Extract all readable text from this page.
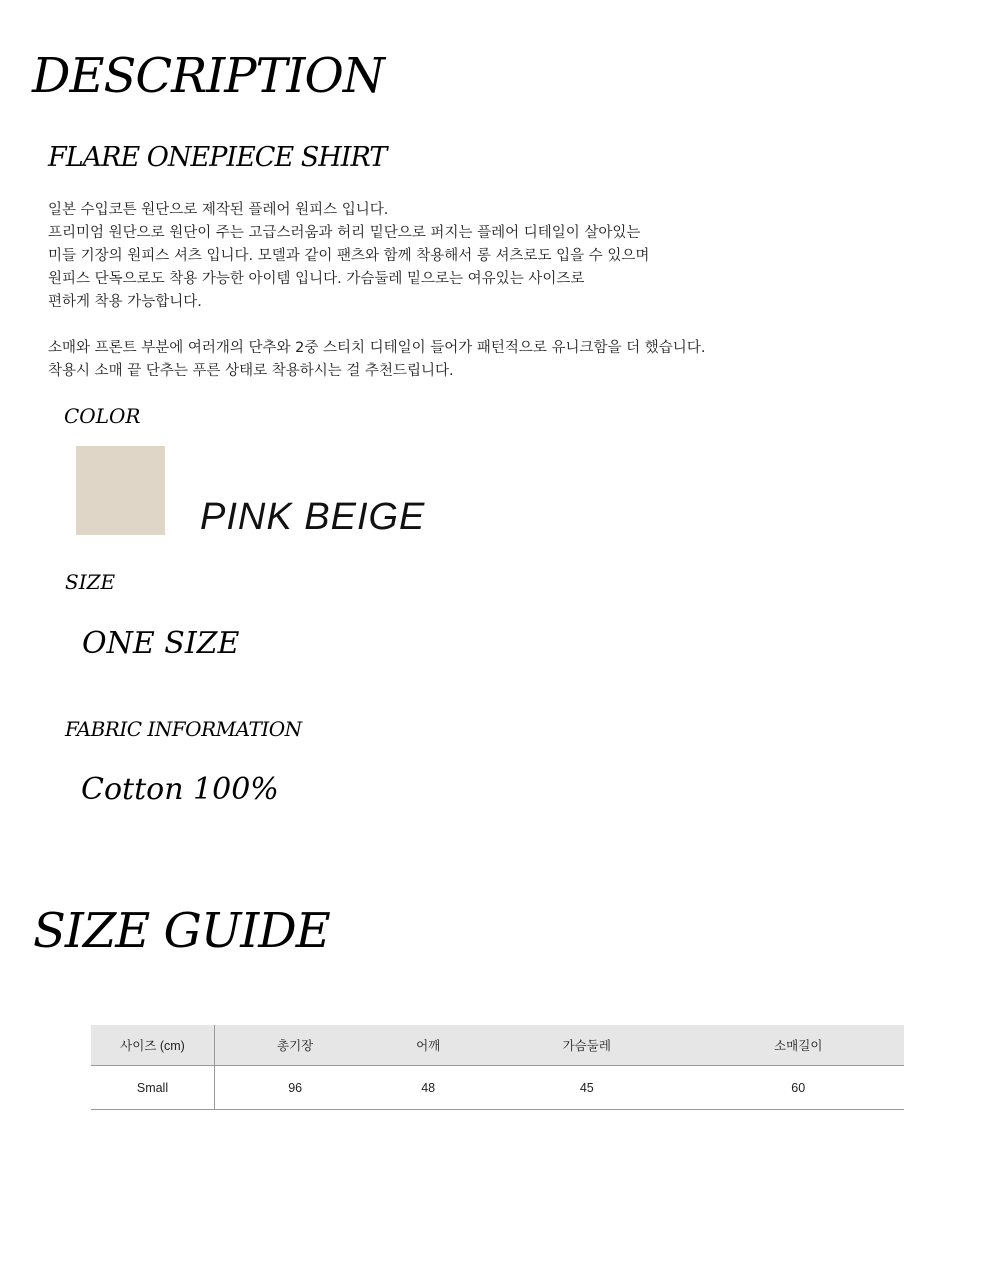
DESCRIPTION
FLARE ONEPIECE SHIRT

일본 수입코튼 원단으로 제작된 플레어 원피스 입니다.

프리미엄 원단으로 원단이 주는 고급스러움과 허리 밑단으로 퍼지는 플레어 디테일이 살아있는

미들 기장의 원피스 셔츠 입니다. 모델과 같이 팬츠와 함께 착용해서 롱 셔츠로도 입을 수 있으며

원피스 단독으로도 착용 가능한 아이템 입니다. 가슴둘레 밑으로는 여유있는 사이즈로

편하게 착용 가능합니다.

소매와 프론트 부분에 여러개의 단추와 2중 스티치 디테일이 들어가 패턴적으로 유니크함을 더 했습니다.

착용시 소매 끝 단추는 푸른 상태로 착용하시는 걸 추천드립니다.

COLOR
PINK BEIGE
SIZE
ONE SIZE
FABRIC INFORMATION
Cotton 100%
SIZE GUIDE
사이즈 (cm)	총기장	어깨	가슴둘레	소매길이
Small	96	48	45	60
